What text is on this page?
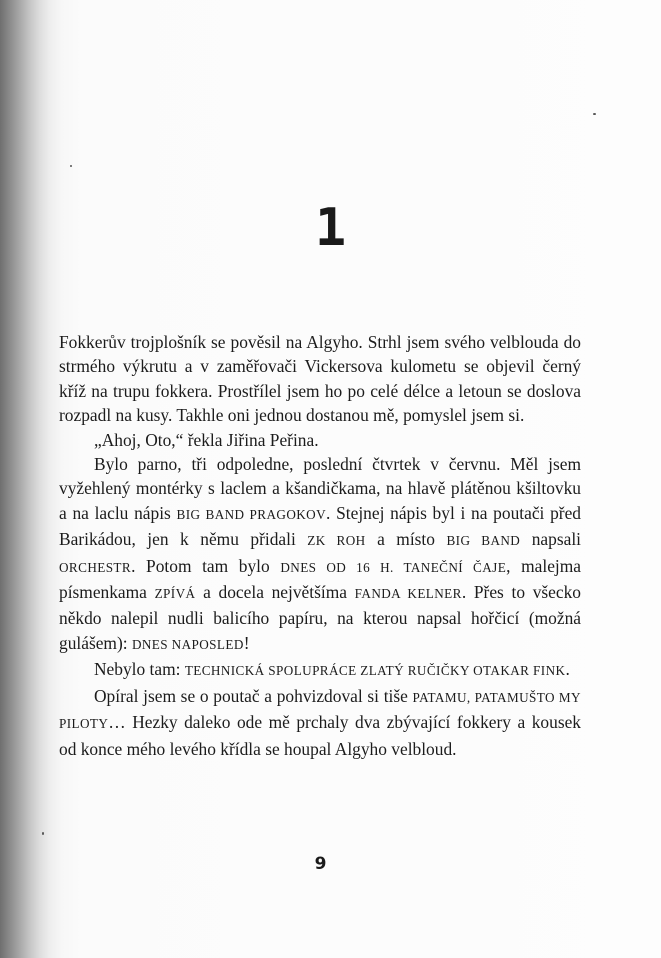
1

Fokkerův trojplošník se pověsil na Algyho. Strhl jsem svého velblouda do strmého výkrutu a v zaměřovači Vickersova kulometu se objevil černý kříž na trupu fokkera. Prostřílel jsem ho po celé délce a letoun se doslova rozpadl na kusy. Takhle oni jednou dostanou mě, pomyslel jsem si.

„Ahoj, Oto,“ řekla Jiřina Peřina.

Bylo parno, tři odpoledne, poslední čtvrtek v červnu. Měl jsem vyžehlený montérky s laclem a kšandičkama, na hlavě plátěnou kšiltovku a na laclu nápis BIG BAND PRAGOKOV. Stejnej nápis byl i na poutači před Barikádou, jen k němu přidali ZK ROH a místo BIG BAND napsali ORCHESTR. Potom tam bylo DNES OD 16 H. TANEČNÍ ČAJE, malejma písmenkama ZPÍVÁ a docela největšíma FANDA KELNER. Přes to všecko někdo nalepil nudli balicího papíru, na kterou napsal hořčicí (možná gulášem): DNES NAPOSLED!

Nebylo tam: TECHNICKÁ SPOLUPRÁCE ZLATÝ RUČIČKY OTAKAR FINK.

Opíral jsem se o poutač a pohvizdoval si tiše PATAMU, PATAMUŠTO MY PILOTY… Hezky daleko ode mě prchaly dva zbývající fokkery a kousek od konce mého levého křídla se houpal Algyho velbloud.

9
